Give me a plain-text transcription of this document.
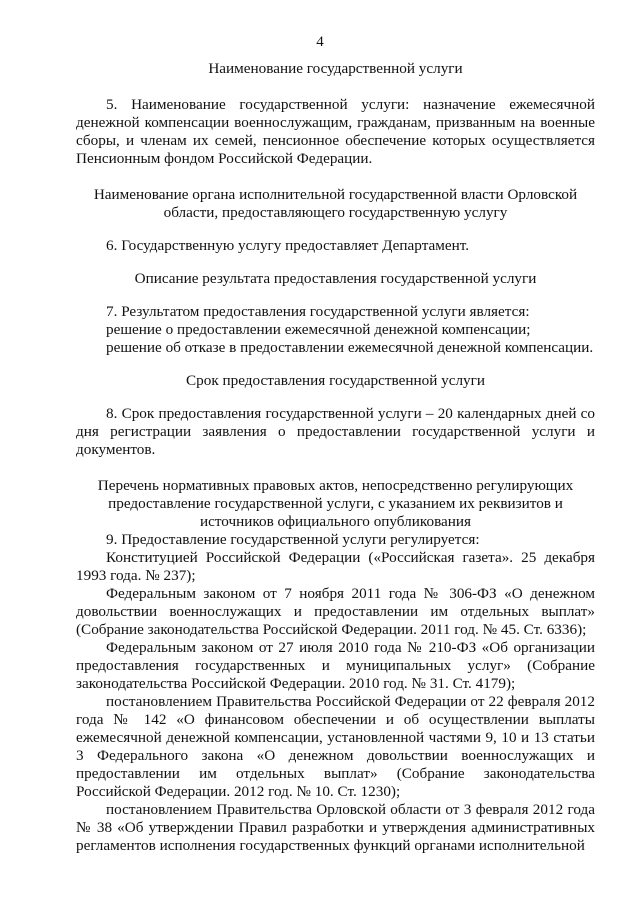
4

Наименование государственной услуги

5. Наименование государственной услуги: назначение ежемесячной денежной компенсации военнослужащим, гражданам, призванным на военные сборы, и членам их семей, пенсионное обеспечение которых осуществляется Пенсионным фондом Российской Федерации.

Наименование органа исполнительной государственной власти Орловской

области, предоставляющего государственную услугу

6. Государственную услугу предоставляет Департамент.

Описание результата предоставления государственной услуги

7. Результатом предоставления государственной услуги является:

решение о предоставлении ежемесячной денежной компенсации;

решение об отказе в предоставлении ежемесячной денежной компенсации.

Срок предоставления государственной услуги

8. Срок предоставления государственной услуги – 20 календарных дней со дня регистрации заявления о предоставлении государственной услуги и документов.

Перечень нормативных правовых актов, непосредственно регулирующих

предоставление государственной услуги, с указанием их реквизитов и

источников официального опубликования

9. Предоставление государственной услуги регулируется:

Конституцией Российской Федерации («Российская газета». 25 декабря 1993 года. № 237);

Федеральным законом от 7 ноября 2011 года № 306-ФЗ «О денежном довольствии военнослужащих и предоставлении им отдельных выплат» (Собрание законодательства Российской Федерации. 2011 год. № 45. Ст. 6336);

Федеральным законом от 27 июля 2010 года № 210-ФЗ «Об организации предоставления государственных и муниципальных услуг» (Собрание законодательства Российской Федерации. 2010 год. № 31. Ст. 4179);

постановлением Правительства Российской Федерации от 22 февраля 2012 года № 142 «О финансовом обеспечении и об осуществлении выплаты ежемесячной денежной компенсации, установленной частями 9, 10 и 13 статьи 3 Федерального закона «О денежном довольствии военнослужащих и предоставлении им отдельных выплат» (Собрание законодательства Российской Федерации. 2012 год. № 10. Ст. 1230);

постановлением Правительства Орловской области от 3 февраля 2012 года № 38 «Об утверждении Правил разработки и утверждения административных регламентов исполнения государственных функций органами исполнительной
